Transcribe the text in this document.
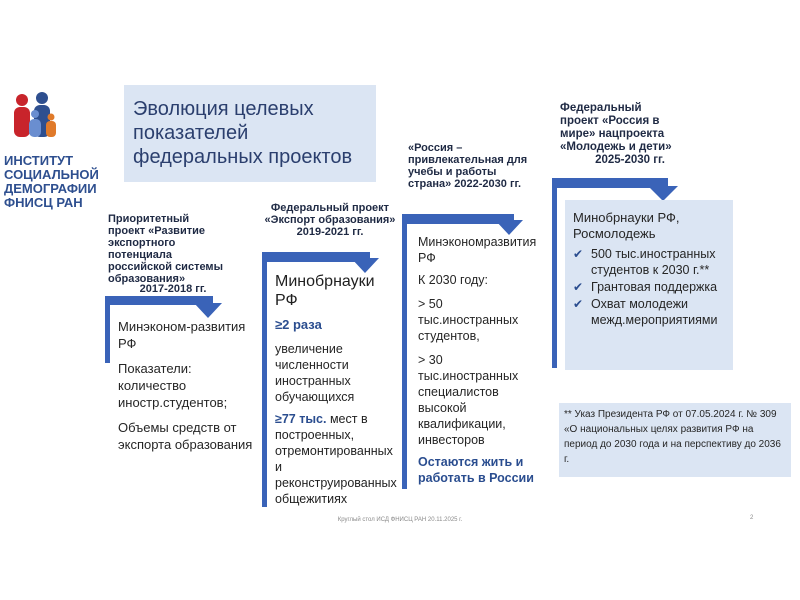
ИНСТИТУТ СОЦИАЛЬНОЙ ДЕМОГРАФИИ ФНИСЦ РАН
Эволюция целевых показателей федеральных проектов
Приоритетный
проект «Развитие
экспортного
потенциала
российской системы
образования»
2017-2018 гг.
Минэконом-развития РФ
Показатели: количество иностр.студентов;
Объемы средств от экспорта образования
Федеральный проект
«Экспорт образования»
2019-2021 гг.
Минобрнауки РФ
≥2 раза
увеличение численности иностранных обучающихся
≥77 тыс. мест в построенных, отремонтированных и реконструированных общежитиях
«Россия –
привлекательная для
учебы и работы
страна» 2022-2030 гг.
Минэкономразвития РФ
К 2030 году:
> 50 тыс.иностранных студентов,
> 30 тыс.иностранных специалистов высокой квалификации, инвесторов
Остаются жить и работать в России
Федеральный
проект «Россия в
мире» нацпроекта
«Молодежь и дети»
2025-2030 гг.
Минобрнауки РФ, Росмолодежь
✔ 500 тыс.иностранных студентов к 2030 г.**
✔ Грантовая поддержка
✔ Охват молодежи межд.мероприятиями
** Указ Президента РФ от 07.05.2024 г. № 309 «О национальных целях развития РФ на период до 2030 года и на перспективу до 2036 г.
Круглый стол ИСД ФНИСЦ РАН 20.11.2025 г.	2
